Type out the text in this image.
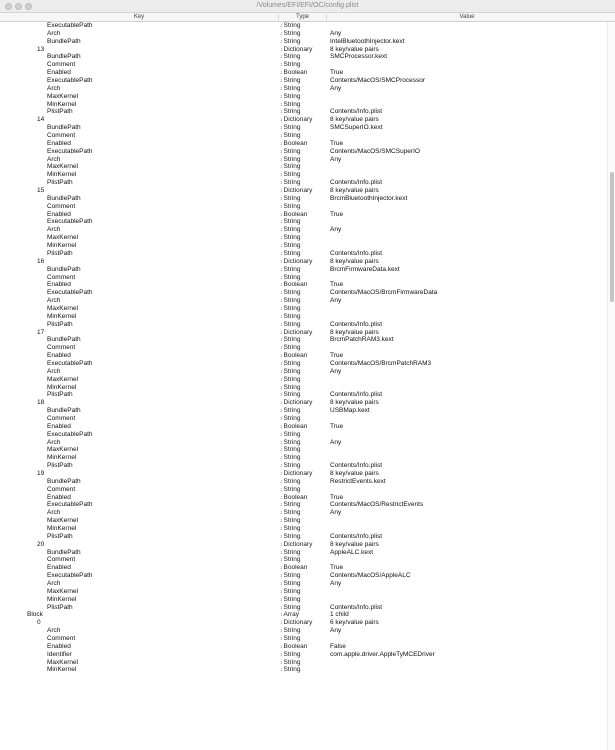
/Volumes/EFI/EFI/OC/config.plist
Key	Type	Value
ExecutablePath	↕ String
Arch	↕ String	Any
BundlePath	↕ String	IntelBluetoothInjector.kext
13	↕ Dictionary	8 key/value pairs
BundlePath	↕ String	SMCProcessor.kext
Comment	↕ String
Enabled	↕ Boolean	True
ExecutablePath	↕ String	Contents/MacOS/SMCProcessor
Arch	↕ String	Any
MaxKernel	↕ String
MinKernel	↕ String
PlistPath	↕ String	Contents/Info.plist
14	↕ Dictionary	8 key/value pairs
BundlePath	↕ String	SMCSuperIO.kext
Comment	↕ String
Enabled	↕ Boolean	True
ExecutablePath	↕ String	Contents/MacOS/SMCSuperIO
Arch	↕ String	Any
MaxKernel	↕ String
MinKernel	↕ String
PlistPath	↕ String	Contents/Info.plist
15	↕ Dictionary	8 key/value pairs
BundlePath	↕ String	BrcmBluetoothInjector.kext
Comment	↕ String
Enabled	↕ Boolean	True
ExecutablePath	↕ String
Arch	↕ String	Any
MaxKernel	↕ String
MinKernel	↕ String
PlistPath	↕ String	Contents/Info.plist
16	↕ Dictionary	8 key/value pairs
BundlePath	↕ String	BrcmFirmwareData.kext
Comment	↕ String
Enabled	↕ Boolean	True
ExecutablePath	↕ String	Contents/MacOS/BrcmFirmwareData
Arch	↕ String	Any
MaxKernel	↕ String
MinKernel	↕ String
PlistPath	↕ String	Contents/Info.plist
17	↕ Dictionary	8 key/value pairs
BundlePath	↕ String	BrcmPatchRAM3.kext
Comment	↕ String
Enabled	↕ Boolean	True
ExecutablePath	↕ String	Contents/MacOS/BrcmPatchRAM3
Arch	↕ String	Any
MaxKernel	↕ String
MinKernel	↕ String
PlistPath	↕ String	Contents/Info.plist
18	↕ Dictionary	8 key/value pairs
BundlePath	↕ String	USBMap.kext
Comment	↕ String
Enabled	↕ Boolean	True
ExecutablePath	↕ String
Arch	↕ String	Any
MaxKernel	↕ String
MinKernel	↕ String
PlistPath	↕ String	Contents/Info.plist
19	↕ Dictionary	8 key/value pairs
BundlePath	↕ String	RestrictEvents.kext
Comment	↕ String
Enabled	↕ Boolean	True
ExecutablePath	↕ String	Contents/MacOS/RestrictEvents
Arch	↕ String	Any
MaxKernel	↕ String
MinKernel	↕ String
PlistPath	↕ String	Contents/Info.plist
20	↕ Dictionary	8 key/value pairs
BundlePath	↕ String	AppleALC.kext
Comment	↕ String
Enabled	↕ Boolean	True
ExecutablePath	↕ String	Contents/MacOS/AppleALC
Arch	↕ String	Any
MaxKernel	↕ String
MinKernel	↕ String
PlistPath	↕ String	Contents/Info.plist
Block	↕ Array	1 child
0	↕ Dictionary	6 key/value pairs
Arch	↕ String	Any
Comment	↕ String
Enabled	↕ Boolean	False
Identifier	↕ String	com.apple.driver.AppleTyMCEDriver
MaxKernel	↕ String
MinKernel	↕ String
